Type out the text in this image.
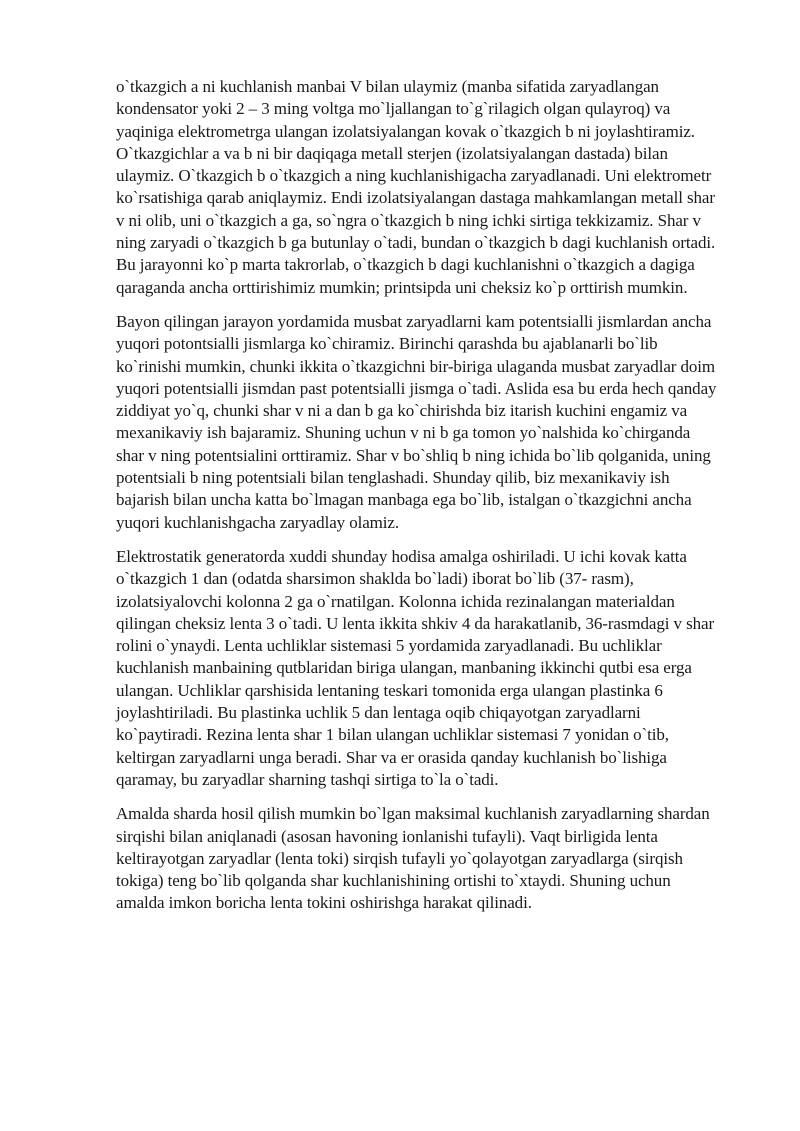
o`tkazgich a ni kuchlanish manbai V bilan ulaymiz (manba sifatida zaryadlangan kondensator yoki 2 – 3 ming voltga mo`ljallangan to`g`rilagich olgan qulayroq) va yaqiniga elektrometrga ulangan izolatsiyalangan kovak o`tkazgich b ni joylashtiramiz. O`tkazgichlar a va b ni bir daqiqaga metall sterjen (izolatsiyalangan dastada) bilan ulaymiz. O`tkazgich b o`tkazgich a ning kuchlanishigacha zaryadlanadi. Uni elektrometr ko`rsatishiga qarab aniqlaymiz. Endi izolatsiyalangan dastaga mahkamlangan metall shar v ni olib, uni o`tkazgich a ga, so`ngra o`tkazgich b ning ichki sirtiga tekkizamiz. Shar v ning zaryadi o`tkazgich b ga butunlay o`tadi, bundan o`tkazgich b dagi kuchlanish ortadi. Bu jarayonni ko`p marta takrorlab, o`tkazgich b dagi kuchlanishni o`tkazgich a dagiga qaraganda ancha orttirishimiz mumkin; printsipda uni cheksiz ko`p orttirish mumkin.

Bayon qilingan jarayon yordamida musbat zaryadlarni kam potentsialli jismlardan ancha yuqori potontsialli jismlarga ko`chiramiz. Birinchi qarashda bu ajablanarli bo`lib ko`rinishi mumkin, chunki ikkita o`tkazgichni bir-biriga ulaganda musbat zaryadlar doim yuqori potentsialli jismdan past potentsialli jismga o`tadi. Aslida esa bu erda hech qanday ziddiyat yo`q, chunki shar v ni a dan b ga ko`chirishda biz itarish kuchini engamiz va mexanikaviy ish bajaramiz. Shuning uchun v ni b ga tomon yo`nalshida ko`chirganda shar v ning potentsialini orttiramiz. Shar v bo`shliq b ning ichida bo`lib qolganida, uning potentsiali b ning potentsiali bilan tenglashadi. Shunday qilib, biz mexanikaviy ish bajarish bilan uncha katta bo`lmagan manbaga ega bo`lib, istalgan o`tkazgichni ancha yuqori kuchlanishgacha zaryadlay olamiz.

Elektrostatik generatorda xuddi shunday hodisa amalga oshiriladi. U ichi kovak katta o`tkazgich 1 dan (odatda sharsimon shaklda bo`ladi) iborat bo`lib (37- rasm), izolatsiyalovchi kolonna 2 ga o`rnatilgan. Kolonna ichida rezinalangan materialdan qilingan cheksiz lenta 3 o`tadi. U lenta ikkita shkiv 4 da harakatlanib, 36-rasmdagi v shar rolini o`ynaydi. Lenta uchliklar sistemasi 5 yordamida zaryadlanadi. Bu uchliklar kuchlanish manbaining qutblaridan biriga ulangan, manbaning ikkinchi qutbi esa erga ulangan. Uchliklar qarshisida lentaning teskari tomonida erga ulangan plastinka 6 joylashtiriladi. Bu plastinka uchlik 5 dan lentaga oqib chiqayotgan zaryadlarni ko`paytiradi. Rezina lenta shar 1 bilan ulangan uchliklar sistemasi 7 yonidan o`tib, keltirgan zaryadlarni unga beradi. Shar va er orasida qanday kuchlanish bo`lishiga qaramay, bu zaryadlar sharning tashqi sirtiga to`la o`tadi.

Amalda sharda hosil qilish mumkin bo`lgan maksimal kuchlanish zaryadlarning shardan sirqishi bilan aniqlanadi (asosan havoning ionlanishi tufayli). Vaqt birligida lenta keltirayotgan zaryadlar (lenta toki) sirqish tufayli yo`qolayotgan zaryadlarga (sirqish tokiga) teng bo`lib qolganda shar kuchlanishining ortishi to`xtaydi. Shuning uchun amalda imkon boricha lenta tokini oshirishga harakat qilinadi.
